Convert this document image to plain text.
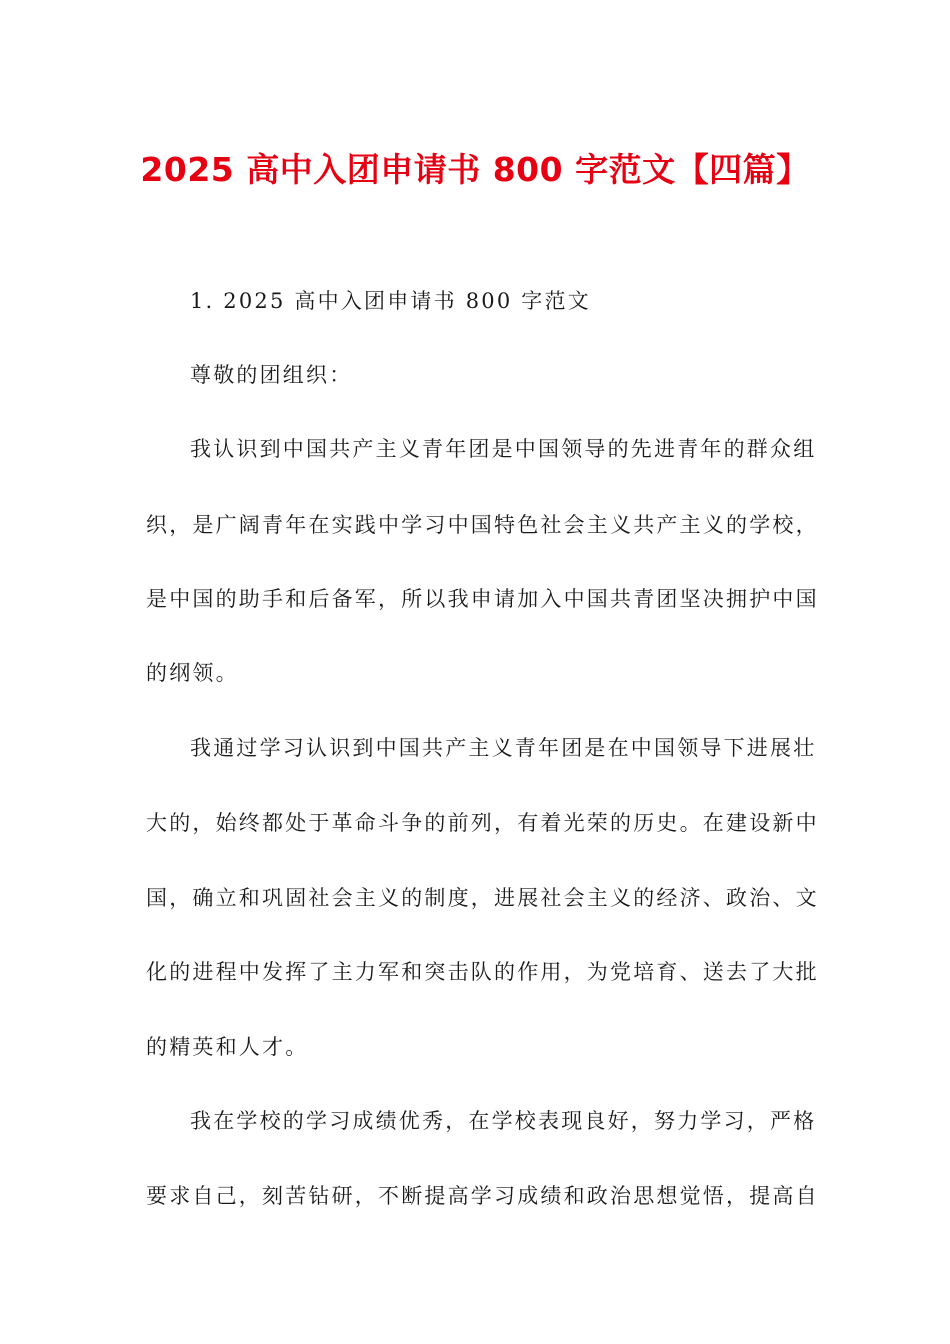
2025 高中入团申请书 800 字范文【四篇】
1. 2025 高中入团申请书 800 字范文
尊敬的团组织：
我认识到中国共产主义青年团是中国领导的先进青年的群众组
织，是广阔青年在实践中学习中国特色社会主义共产主义的学校，
是中国的助手和后备军，所以我申请加入中国共青团坚决拥护中国
的纲领。
我通过学习认识到中国共产主义青年团是在中国领导下进展壮
大的，始终都处于革命斗争的前列，有着光荣的历史。在建设新中
国，确立和巩固社会主义的制度，进展社会主义的经济、政治、文
化的进程中发挥了主力军和突击队的作用，为党培育、送去了大批
的精英和人才。
我在学校的学习成绩优秀，在学校表现良好，努力学习，严格
要求自己，刻苦钻研，不断提高学习成绩和政治思想觉悟，提高自
